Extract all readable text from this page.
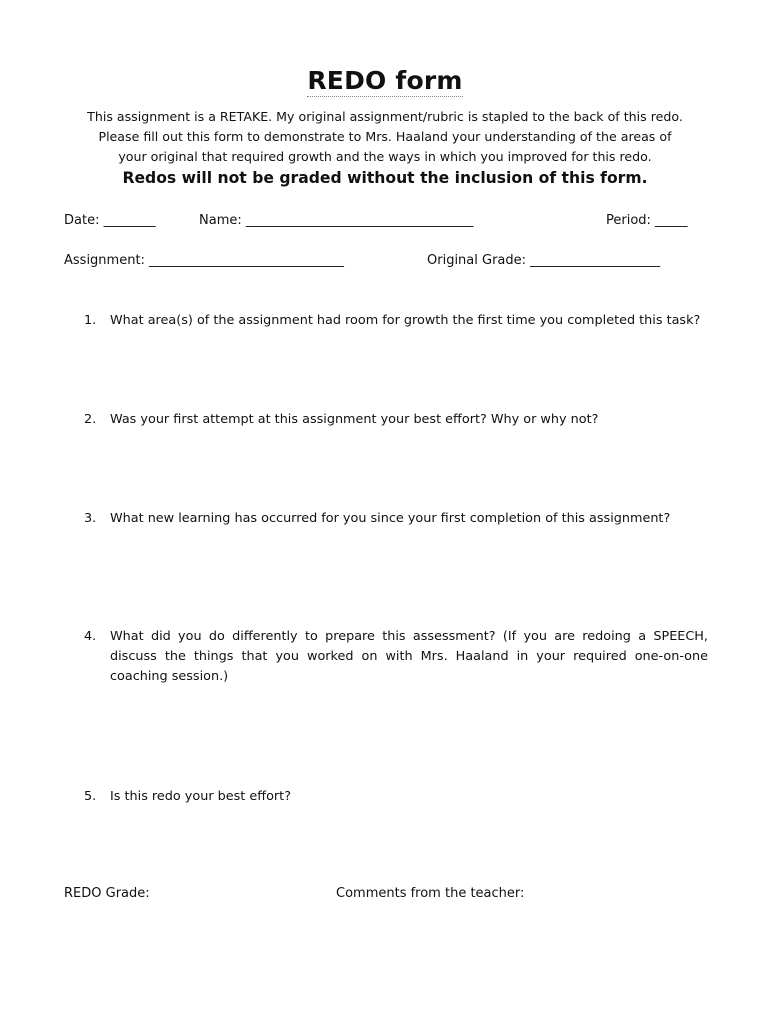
REDO form
This assignment is a RETAKE. My original assignment/rubric is stapled to the back of this redo.
Please fill out this form to demonstrate to Mrs. Haaland your understanding of the areas of
your original that required growth and the ways in which you improved for this redo.
Redos will not be graded without the inclusion of this form.
Date: ________	Name: ___________________________________	Period: _____
Assignment: ______________________________	Original Grade: ____________________
1. What area(s) of the assignment had room for growth the first time you completed this task?
2. Was your first attempt at this assignment your best effort? Why or why not?
3. What new learning has occurred for you since your first completion of this assignment?
4. What did you do differently to prepare this assessment? (If you are redoing a SPEECH, discuss the things that you worked on with Mrs. Haaland in your required one-on-one coaching session.)
5. Is this redo your best effort?
REDO Grade:	Comments from the teacher:
